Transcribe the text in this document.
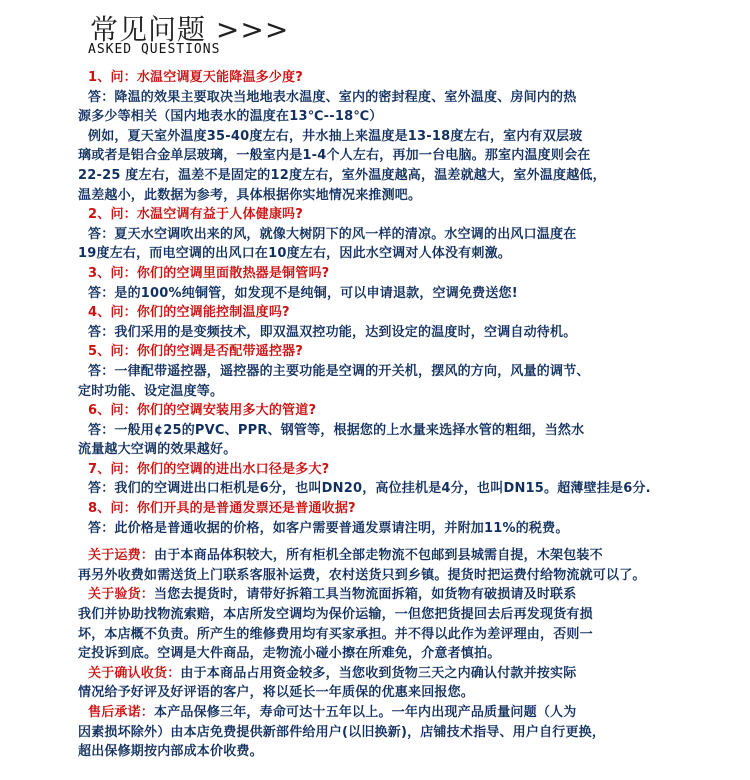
常见问题 >>>
ASKED QUESTIONS
1、问：水温空调夏天能降温多少度?
答：降温的效果主要取决当地地表水温度、室内的密封程度、室外温度、房间内的热
源多少等相关（国内地表水的温度在13℃--18℃）
例如，夏天室外温度35-40度左右，井水抽上来温度是13-18度左右，室内有双层玻
璃或者是铝合金单层玻璃，一般室内是1-4个人左右，再加一台电脑。那室内温度则会在
22-25 度左右，温差不是固定的12度左右，室外温度越高，温差就越大，室外温度越低，
温差越小，此数据为参考，具体根据你实地情况来推测吧。
2、问：水温空调有益于人体健康吗?
答：夏天水空调吹出来的风，就像大树阴下的风一样的清凉。水空调的出风口温度在
19度左右，而电空调的出风口在10度左右，因此水空调对人体没有刺激。
3、问：你们的空调里面散热器是铜管吗?
答：是的100%纯铜管，如发现不是纯铜，可以申请退款，空调免费送您!
4、问：你们的空调能控制温度吗?
答：我们采用的是变频技术，即双温双控功能，达到设定的温度时，空调自动待机。
5、问：你们的空调是否配带遥控器?
答：一律配带遥控器，遥控器的主要功能是空调的开关机，摆风的方向，风量的调节、
定时功能、设定温度等。
6、问：你们的空调安装用多大的管道?
答：一般用¢25的PVC、PPR、钢管等，根据您的上水量来选择水管的粗细，当然水
流量越大空调的效果越好。
7、问：你们的空调的进出水口径是多大?
答：我们的空调进出口柜机是6分，也叫DN20，高位挂机是4分，也叫DN15。超薄壁挂是6分.
8、问：你们开具的是普通发票还是普通收据?
答：此价格是普通收据的价格，如客户需要普通发票请注明，并附加11%的税费。
关于运费：由于本商品体积较大，所有柜机全部走物流不包邮到县城需自提，木架包装不
再另外收费如需送货上门联系客服补运费，农村送货只到乡镇。提货时把运费付给物流就可以了。
关于验货：当您去提货时，请带好拆箱工具当物流面拆箱，如货物有破损请及时联系
我们并协助找物流索赔，本店所发空调均为保价运输，一但您把货提回去后再发现货有损
坏，本店概不负责。所产生的维修费用均有买家承担。并不得以此作为差评理由，否则一
定投诉到底。空调是大件商品，走物流小碰小擦在所难免，介意者慎拍。
关于确认收货：由于本商品占用资金较多，当您收到货物三天之内确认付款并按实际
情况给予好评及好评语的客户，将以延长一年质保的优惠来回报您。
售后承诺：本产品保修三年，寿命可达十五年以上。一年内出现产品质量问题（人为
因素损坏除外）由本店免费提供新部件给用户(以旧换新)，店铺技术指导、用户自行更换，
超出保修期按内部成本价收费。
